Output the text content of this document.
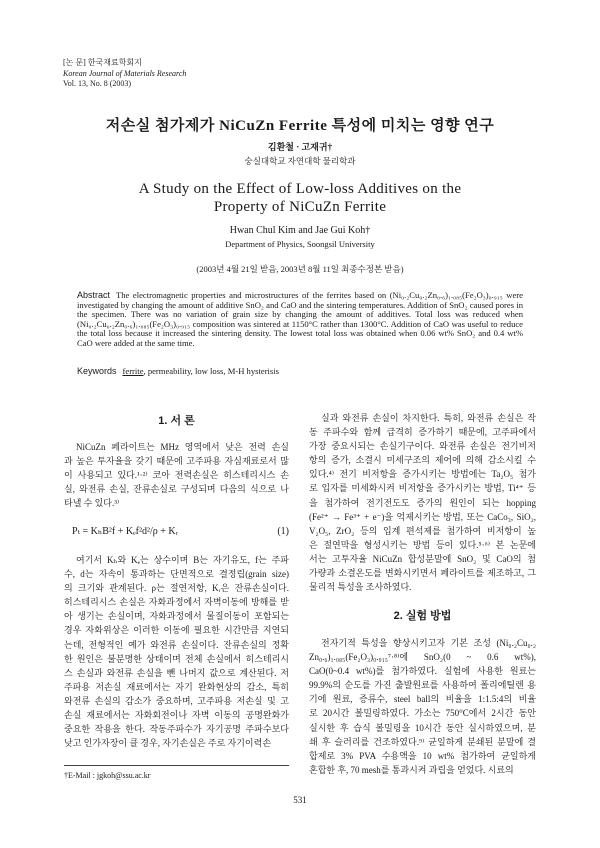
[논 문] 한국재료학회지
Korean Journal of Materials Research
Vol. 13, No. 8 (2003)
저손실 첨가제가 NiCuZn Ferrite 특성에 미치는 영향 연구
김환철 · 고재귀†
숭실대학교 자연대학 물리학과
A Study on the Effect of Low-loss Additives on the
Property of NiCuZn Ferrite
Hwan Chul Kim and Jae Gui Koh†
Department of Physics, Soongsil University
(2003년 4월 21일 받음, 2003년 8월 11일 최종수정본 받음)
Abstract The electromagnetic properties and microstructures of the ferrites based on (Ni₀.₂Cu₀.₂Zn₀.₆)₁.₀₈₅(Fe₂O₃)₀.₉₁₅ were investigated by changing the amount of additive SnO₂ and CaO and the sintering temperatures. Addition of SnO₂ caused pores in the specimen. There was no variation of grain size by changing the amount of additives. Total loss was reduced when (Ni₀.₂Cu₀.₂Zn₀.₆)₁.₀₈₅(Fe₂O₃)₀.₉₁₅ composition was sintered at 1150°C rather than 1300°C. Addition of CaO was useful to reduce the total loss because it increased the sintering density. The lowest total loss was obtained when 0.06 wt% SnO₂ and 0.4 wt% CaO were added at the same time.
Keywords ferrite, permeability, low loss, M-H hysterisis
1. 서 론
NiCuZn 페라이트는 MHz 영역에서 낮은 전력 손실
과 높은 투자율을 갖기 때문에 고주파용 자심재료로서 많
이 사용되고 있다.¹·²⁾ 코아 전력손실은 히스테리시스 손
실, 와전류 손실, 잔류손실로 구성되며 다음의 식으로 나
타낼 수 있다.³⁾
Pₜ = KₕB²f + Kₑf²d²/ρ + Kᵣ	(1)
여기서 Kₕ와 Kₑ는 상수이며 B는 자기유도, f는 주파
수, d는 자속이 통과하는 단면적으로 결정립(grain size)
의 크기와 관계된다. ρ는 절연저항, Kᵣ은 잔류손실이다.
히스테리시스 손실은 자화과정에서 자벽이동에 방해를 받
아 생기는 손실이며, 자화과정에서 물질이동이 포함되는
경우 자화위상은 이러한 이동에 필요한 시간만큼 지연되
는데, 전형적인 예가 와전류 손실이다. 잔류손실의 정확
한 원인은 불분명한 상태이며 전체 손실에서 히스테리시
스 손실과 와전류 손실을 뺀 나머지 값으로 계산된다. 저
주파용 저손실 재료에서는 자기 완화현상의 감소, 특히
와전류 손실의 감소가 중요하며, 고주파용 저손실 및 고
손실 재료에서는 자화회전이나 자벽 이동의 공명완화가
중요한 작용을 한다. 작동주파수가 자기공명 주파수보다
낮고 인가자장이 클 경우, 자기손실은 주로 자기이력손
†E-Mail : jgkoh@ssu.ac.kr
실과 와전류 손실이 차지한다. 특히, 와전류 손실은 작
동 주파수와 함께 급격히 증가하기 때문에, 고주파에서
가장 중요시되는 손실기구이다. 와전류 손실은 전기비저
항의 증가, 소결시 미세구조의 제어에 의해 감소시킬 수
있다.⁴⁾ 전기 비저항을 증가시키는 방법에는 Ta₂O₅ 첨가
로 입자를 미세화시켜 비저항을 증가시키는 방법, Ti⁴⁺ 등
을 첨가하여 전기전도도 증가의 원인이 되는 hopping
(Fe²⁺ → Fe³⁺ + e⁻)을 억제시키는 방법, 또는 CaCo₃, SiO₂,
V₂O₅, ZrO₂ 등의 입계 편석제를 첨가하여 비저항이 높
은 절연막을 형성시키는 방법 등이 있다.⁵·⁶⁾ 본 논문에
서는 고투자율 NiCuZn 합성분말에 SnO₂ 및 CaO의 첨
가량과 소결온도를 변화시키면서 페라이트를 제조하고, 그
물리적 특성을 조사하였다.
2. 실험 방법
전자기적 특성을 향상시키고자 기본 조성 (Ni₀.₂Cu₀.₂
Zn₀.₆)₁.₀₈₅(Fe₂O₃)₀.₉₁₅⁷·⁸⁾에 SnO₂(0 ~ 0.6 wt%),
CaO(0~0.4 wt%)를 첨가하였다. 실험에 사용한 원료는
99.9%의 순도를 가진 출발원료를 사용하여 폴리에틸렌 용
기에 원료, 증류수, steel ball의 비율을 1:1.5:4의 비율
로 20시간 볼밀링하였다. 가소는 750°C에서 2시간 동안
실시한 후 습식 볼밀링을 10시간 동안 실시하였으며, 분
쇄 후 슬러리를 건조하였다.⁹⁾ 균일하게 분쇄된 분말에 결
합제로 3% PVA 수용액을 10 wt% 첨가하여 균일하게
혼합한 후, 70 mesh를 통과시켜 과립을 얻었다. 시료의
531
